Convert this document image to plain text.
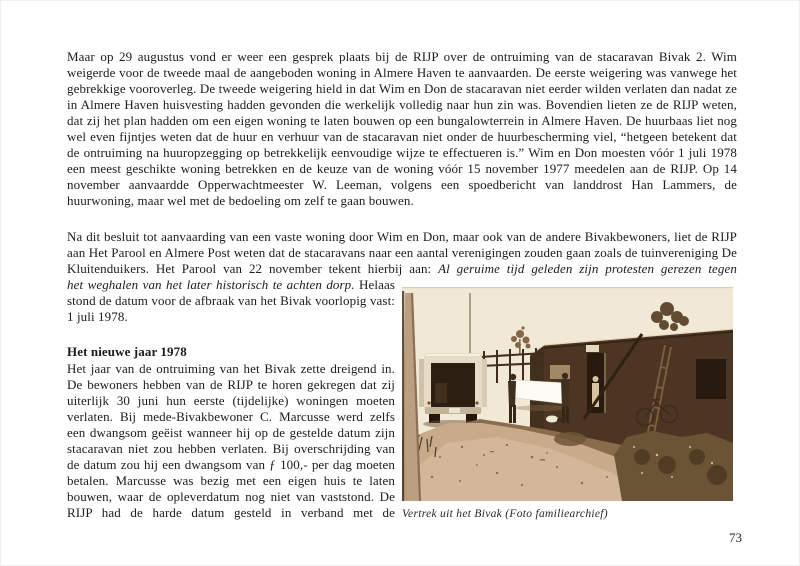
Maar op 29 augustus vond er weer een gesprek plaats bij de RIJP over de ontruiming van de stacaravan Bivak 2. Wim weigerde voor de tweede maal de aangeboden woning in Almere Haven te aanvaarden. De eerste weigering was vanwege het gebrekkige vooroverleg. De tweede weigering hield in dat Wim en Don de stacaravan niet eerder wilden verlaten dan nadat ze in Almere Haven huisvesting hadden gevonden die werkelijk volledig naar hun zin was. Bovendien lieten ze de RIJP weten, dat zij het plan hadden om een eigen woning te laten bouwen op een bungalowterrein in Almere Haven. De huurbaas liet nog wel even fijntjes weten dat de huur en verhuur van de stacaravan niet onder de huurbescherming viel, “hetgeen betekent dat de ontruiming na huuropzegging op betrekkelijk eenvoudige wijze te effectueren is.” Wim en Don moesten vóór 1 juli 1978 een meest geschikte woning betrekken en de keuze van de woning vóór 15 november 1977 meedelen aan de RIJP. Op 14 november aanvaardde Opperwachtmeester W. Leeman, volgens een spoedbericht van landdrost Han Lammers, de huurwoning, maar wel met de bedoeling om zelf te gaan bouwen.
Na dit besluit tot aanvaarding van een vaste woning door Wim en Don, maar ook van de andere Bivakbewoners, liet de RIJP aan Het Parool en Almere Post weten dat de stacaravans naar een aantal verenigingen zouden gaan zoals de tuinvereniging De Kluitenduikers. Het Parool van 22 november tekent hierbij aan: Al geruime tijd geleden zijn protesten gerezen tegen
het weghalen van het later historisch te achten dorp. Helaas stond de datum voor de afbraak van het Bivak voorlopig vast: 1 juli 1978.
Het nieuwe jaar 1978
Het jaar van de ontruiming van het Bivak zette dreigend in. De bewoners hebben van de RIJP te horen gekregen dat zij uiterlijk 30 juni hun eerste (tijdelijke) woningen moeten verlaten. Bij mede-Bivakbewoner C. Marcusse werd zelfs een dwangsom geëist wanneer hij op de gestelde datum zijn stacaravan niet zou hebben verlaten. Bij overschrijding van de datum zou hij een dwangsom van ƒ 100,- per dag moeten betalen. Marcusse was bezig met een eigen huis te laten bouwen, waar de opleverdatum nog niet van vaststond. De RIJP had de harde datum gesteld in verband met de Vertrek uit het Bivak (Foto familiearchief)
73
